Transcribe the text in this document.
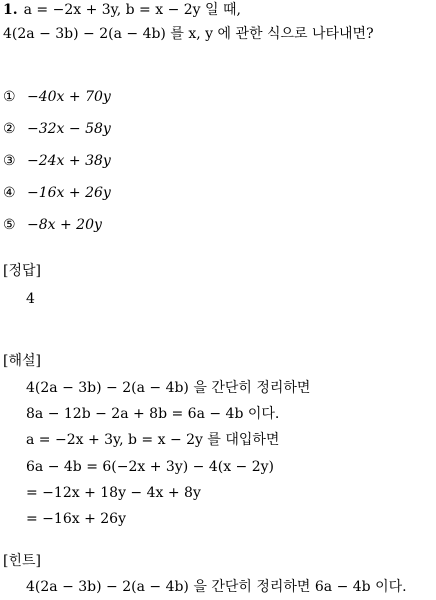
1. a = −2x + 3y, b = x − 2y 일 때,
4(2a − 3b) − 2(a − 4b) 를 x, y 에 관한 식으로 나타내면?
① −40x + 70y
② −32x − 58y
③ −24x + 38y
④ −16x + 26y
⑤ −8x + 20y
[정답]
4
[해설]
4(2a − 3b) − 2(a − 4b) 을 간단히 정리하면
8a − 12b − 2a + 8b = 6a − 4b 이다.
a = −2x + 3y, b = x − 2y 를 대입하면
6a − 4b = 6(−2x + 3y) − 4(x − 2y)
= −12x + 18y − 4x + 8y
= −16x + 26y
[힌트]
4(2a − 3b) − 2(a − 4b) 을 간단히 정리하면 6a − 4b 이다.
